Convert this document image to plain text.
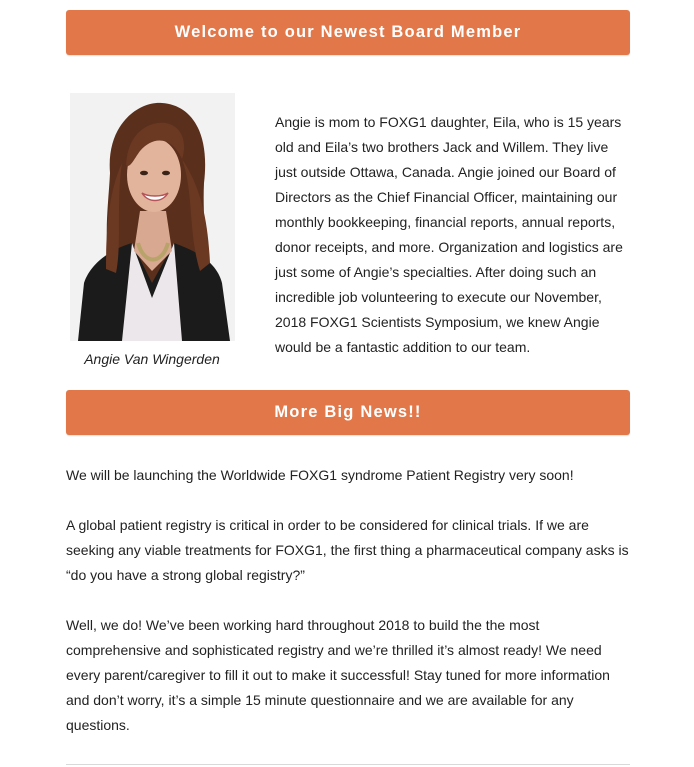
Welcome to our Newest Board Member
Angie Van Wingerden

Angie is mom to FOXG1 daughter, Eila, who is 15 years old and Eila’s two brothers Jack and Willem. They live just outside Ottawa, Canada. Angie joined our Board of Directors as the Chief Financial Officer, maintaining our monthly bookkeeping, financial reports, annual reports, donor receipts, and more. Organization and logistics are just some of Angie’s specialties. After doing such an incredible job volunteering to execute our November, 2018 FOXG1 Scientists Symposium, we knew Angie would be a fantastic addition to our team.

More Big News!!

We will be launching the Worldwide FOXG1 syndrome Patient Registry very soon!

A global patient registry is critical in order to be considered for clinical trials. If we are seeking any viable treatments for FOXG1, the first thing a pharmaceutical company asks is “do you have a strong global registry?”

Well, we do! We’ve been working hard throughout 2018 to build the the most comprehensive and sophisticated registry and we’re thrilled it’s almost ready! We need every parent/caregiver to fill it out to make it successful! Stay tuned for more information and don’t worry, it’s a simple 15 minute questionnaire and we are available for any questions.
